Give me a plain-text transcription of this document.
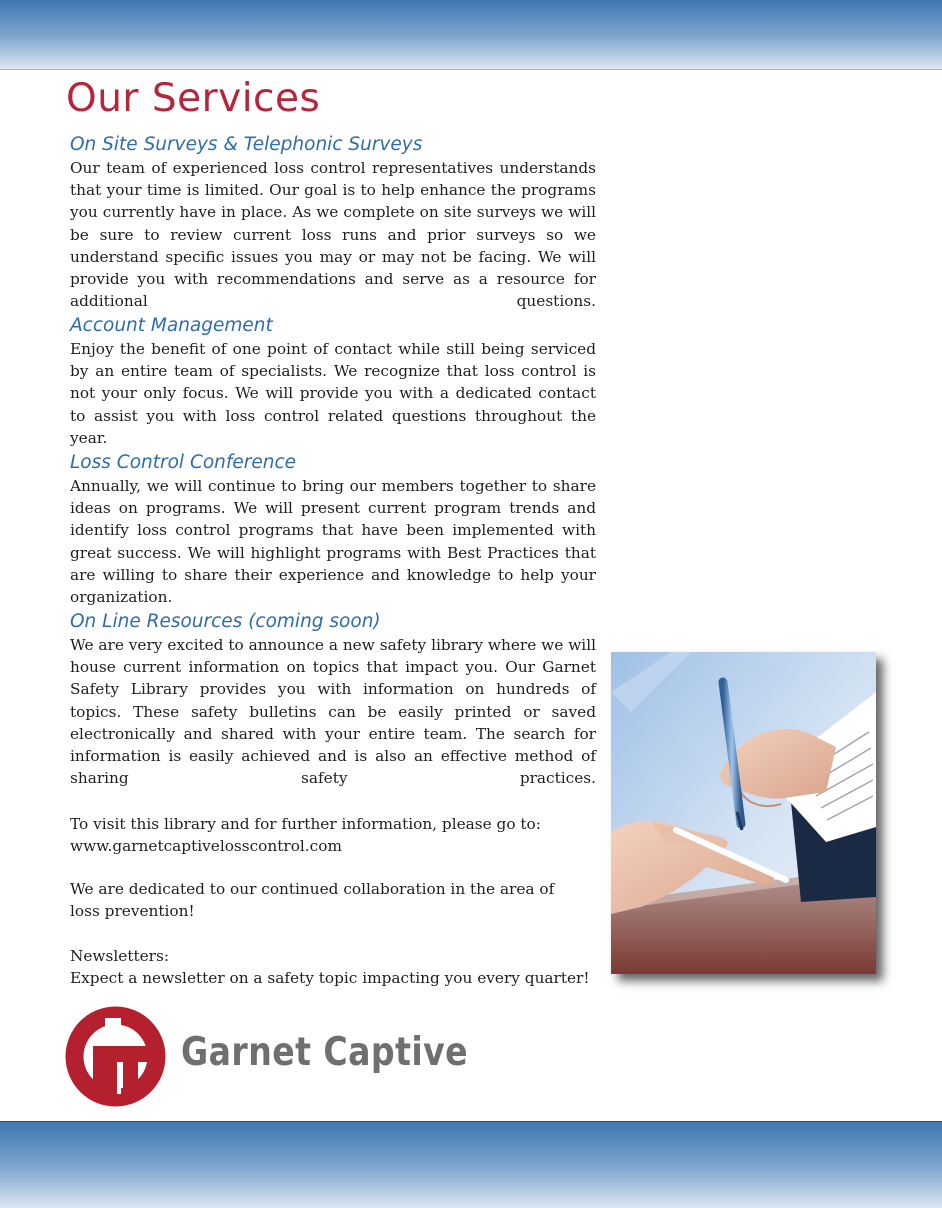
Our Services
On Site Surveys & Telephonic Surveys

Our team of experienced loss control representatives understands that your time is limited. Our goal is to help enhance the programs you currently have in place. As we complete on site surveys we will be sure to review current loss runs and prior surveys so we understand specific issues you may or may not be facing. We will provide you with recommendations and serve as a resource for additional questions.

Account Management

Enjoy the benefit of one point of contact while still being serviced by an entire team of specialists. We recognize that loss control is not your only focus. We will provide you with a dedicated contact to assist you with loss control related questions throughout the year.

Loss Control Conference

Annually, we will continue to bring our members together to share ideas on programs. We will present current program trends and identify loss control programs that have been implemented with great success. We will highlight programs with Best Practices that are willing to share their experience and knowledge to help your organization.

On Line Resources (coming soon)

We are very excited to announce a new safety library where we will house current information on topics that impact you. Our Garnet Safety Library provides you with information on hundreds of topics. These safety bulletins can be easily printed or saved electronically and shared with your entire team. The search for information is easily achieved and is also an effective method of sharing safety practices.

To visit this library and for further information, please go to:
www.garnetcaptivelosscontrol.com

We are dedicated to our continued collaboration in the area of
loss prevention!

Newsletters:
Expect a newsletter on a safety topic impacting you every quarter!

Garnet Captive
